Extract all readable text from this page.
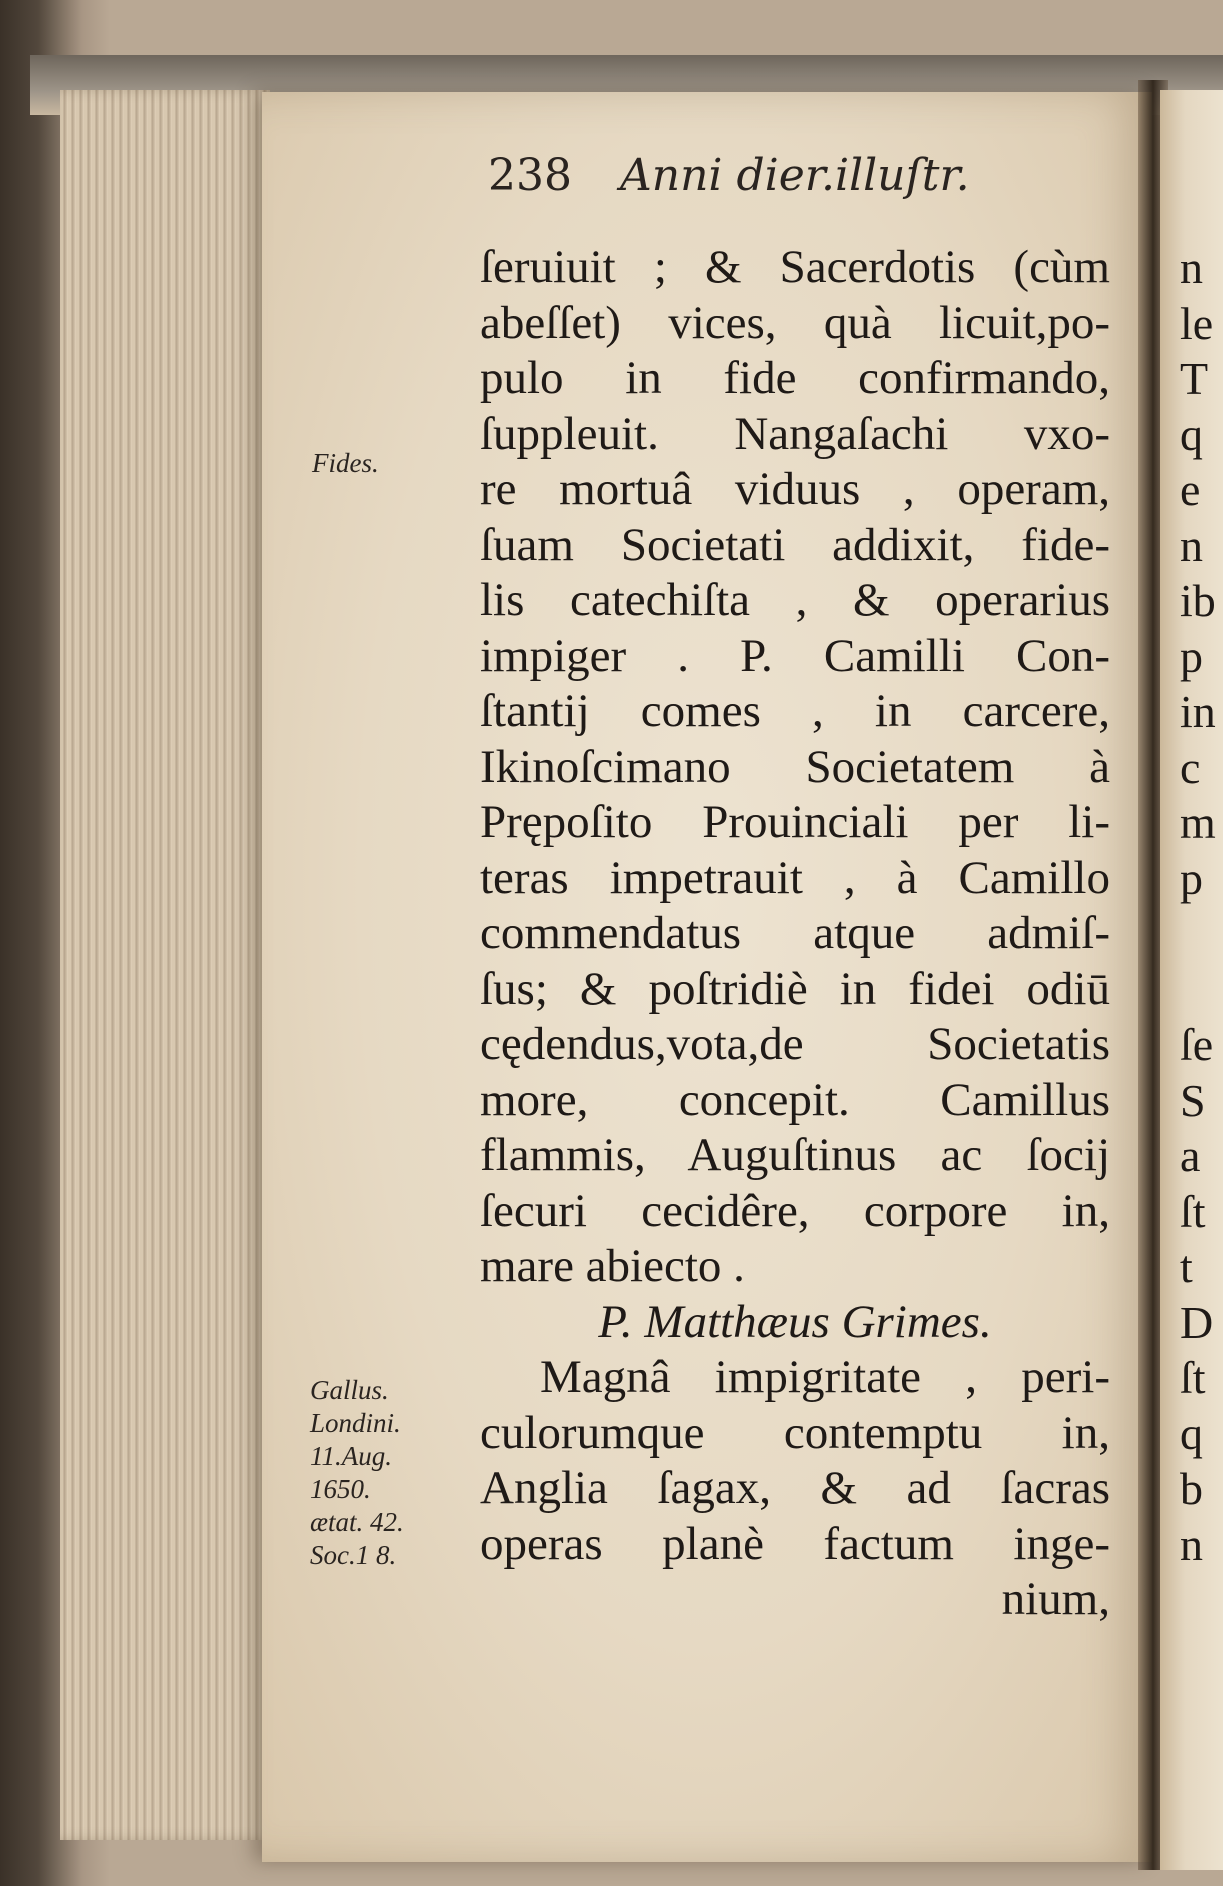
238 Anni dier.illuſtr.
Fides.
Gallus.
Londini.
11.Aug.
1650.
ætat. 42.
Soc.1 8.
ſeruiuit ; & Sacerdotis (cùm
abeſſet) vices, quà licuit,po-
pulo in fide confirmando,
ſuppleuit. Nangaſachi vxo-
re mortuâ viduus , operam,
ſuam Societati addixit, fide-
lis catechiſta , & operarius
impiger . P. Camilli Con-
ſtantij comes , in carcere,
Ikinoſcimano Societatem à
Prępoſito Prouinciali per li-
teras impetrauit , à Camillo
commendatus atque admiſ-
ſus; & poſtridiè in fidei odiū
cędendus,vota,de Societatis
more, concepit. Camillus
flammis, Auguſtinus ac ſocij
ſecuri cecidêre, corpore in,
mare abiecto .
P. Matthæus Grimes.
Magnâ impigritate , peri-
culorumque contemptu in,
Anglia ſagax, & ad ſacras
operas planè factum inge-
nium,
n
le
T
q
e
n
ib
p
in
c
m
p
ſe
S
a
ſt
t
D
ſt
q
b
n
